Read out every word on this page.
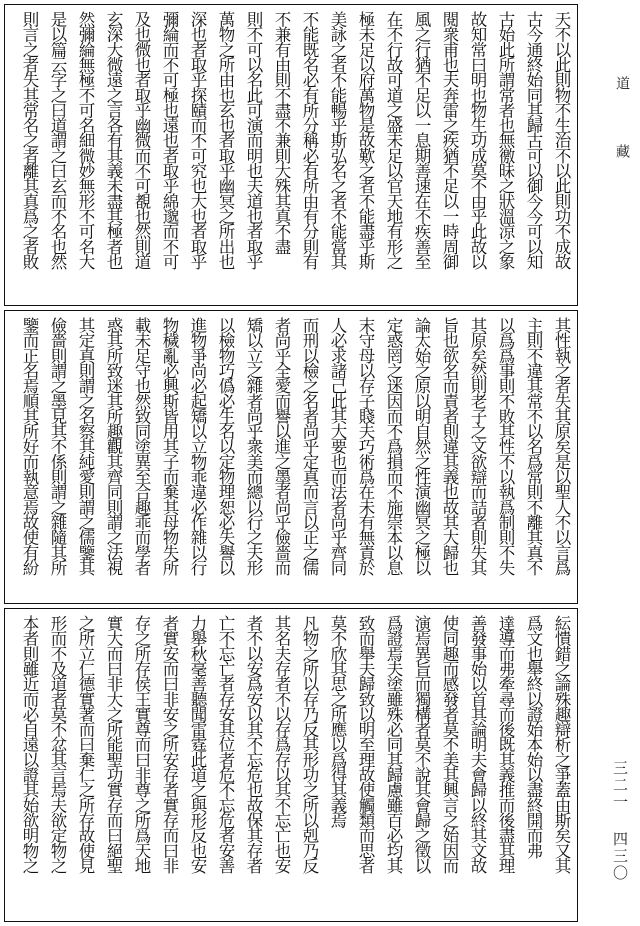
道
藏
三二一 四三〇
天不以此則物不生治不以此則功不成故
古今通終始同其歸古可以御今今可以知
古始此所謂常者也無徼昧之狀溫涼之象
故知常曰明也物生功成莫不由乎此故以
閱衆甫也夫奔雷之疾猶不足以一時周御
風之行猶不足以一息期善速在不疾善至
在不行故可道之盛未足以官天地有形之
極未足以府萬物是故歎之者不能盡乎斯
美詠之者不能暢乎斯弘名之者不能當其
不能既名必有所分稱必有所由有分則有
不兼有由則不盡不兼則大殊其真不盡
則不可以名此可演而明也夫道也者取乎
萬物之所由也玄也者取乎幽冥之所出也
深也者取乎探賾而不可究也大也者取乎
彌綸而不可極也遠也者取乎綿邈而不可
及也微也者取乎幽微而不可覩也然則道
玄深大微遠之言各有其義未盡其極者也
然彌綸無極不可名細微妙無形不可名大
是以篇云字之曰道謂之曰玄而不名也然
則言之者失其常名之者離其真爲之者敗
其性執之者失其原矣是以聖人不以言爲
主則不違其常不以名爲常則不離其真不
以爲爲事則不敗其性不以執爲制則不失
其原矣然則老子之文欲辯而詰者則失其
旨也欲名而責者則違其義也故其大歸也
論太始之原以明自然之性演幽冥之極以
定惑罔之迷因而不爲損而不施崇本以息
末守母以存子賤夫巧術爲在未有無責於
人必求諸己此其大要也而法者尚乎齊同
而刑以檢之名者尚乎定真而言以正之儒
者尚乎全愛而譽以進之墨者尚乎儉嗇而
矯以立之雜者尚乎衆美而總以行之夫形
以檢物巧僞必生名以定物理恕必失譽以
進物爭尚必起矯以立物乖違必作雜以行
物穢亂必興斯皆用其子而棄其母物失所
載未足守也然致同塗異至合趣乖而學者
惑其所致迷其所趣觀其齊同則謂之法視
其定真則謂之名察其純愛則謂之儒鑒其
儉嗇則謂之墨見其不係則謂之雜隨其所
鑒而正名焉順其所好而執意焉故使有紛
紜憒錯之論殊趣辯析之爭蓋由斯矣又其
爲文也舉終以證始本始以盡終開而弗
達導而弗牽尋而後既其義推而後盡其理
善發事始以首其論明夫會歸以終其文故
使同趣而感發者莫不美其興言之始因而
演焉異旨而獨構者莫不說其會歸之徵以
爲證焉夫塗雖殊必同其歸慮雖百必均其
致而舉夫歸致以明至理故使觸類而思者
莫不欣其思之所應以爲得其義焉
凡物之所以存乃反其形功之所以剋乃反
其名夫存者不以存爲存以其不忘亡也安
者不以安爲安以其不忘危也故保其存者
亡不忘亡者存安其位者危不忘危者安善
力舉秋毫善聽聞雷霆此道之與形反也安
者實安而曰非安之所安存者實存而曰非
存之所存侯王實尊而曰非尊之所爲天地
實大而曰非大之所能聖功實存而曰絕聖
之所立仁德實著而曰棄仁之所存故使見
形而不及道者莫不忿其言焉夫欲定物之
本者則雖近而必自遠以證其始欲明物之
